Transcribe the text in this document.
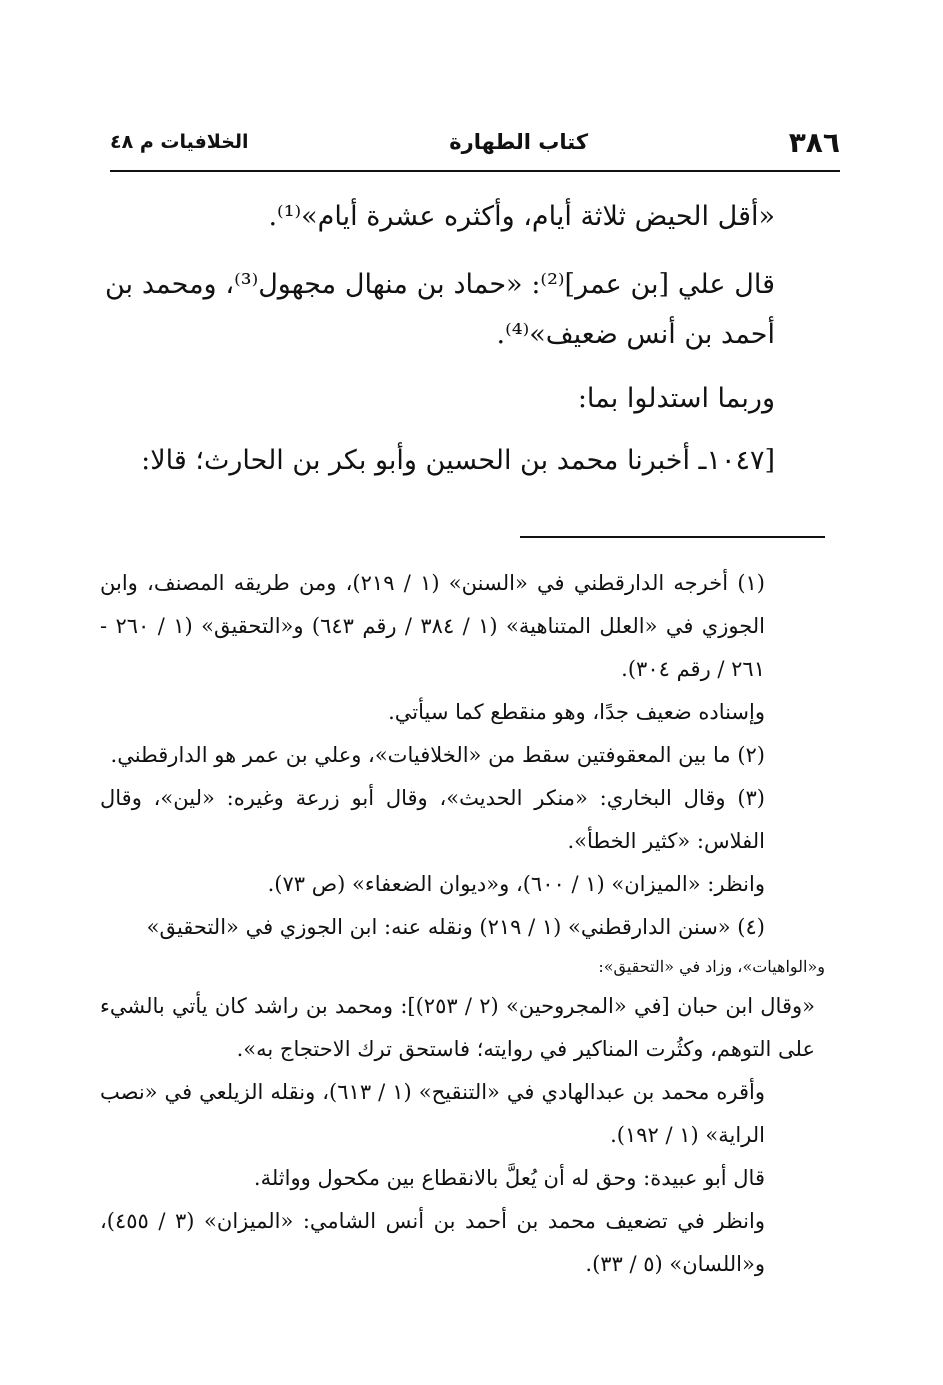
٣٨٦
كتاب الطهارة
الخلافيات م ٤٨

«أقل الحيض ثلاثة أيام، وأكثره عشرة أيام»⁽¹⁾.

قال علي [بن عمر]⁽²⁾: «حماد بن منهال مجهول⁽³⁾، ومحمد بن أحمد بن أنس ضعيف»⁽⁴⁾.

وربما استدلوا بما:

[١٠٤٧ـ أخبرنا محمد بن الحسين وأبو بكر بن الحارث؛ قالا:

(١) أخرجه الدارقطني في «السنن» (١ / ٢١٩)، ومن طريقه المصنف، وابن الجوزي في «العلل المتناهية» (١ / ٣٨٤ / رقم ٦٤٣) و«التحقيق» (١ / ٢٦٠ - ٢٦١ / رقم ٣٠٤).

وإسناده ضعيف جدًا، وهو منقطع كما سيأتي.

(٢) ما بين المعقوفتين سقط من «الخلافيات»، وعلي بن عمر هو الدارقطني.

(٣) وقال البخاري: «منكر الحديث»، وقال أبو زرعة وغيره: «لين»، وقال الفلاس: «كثير الخطأ».

وانظر: «الميزان» (١ / ٦٠٠)، و«ديوان الضعفاء» (ص ٧٣).

(٤) «سنن الدارقطني» (١ / ٢١٩) ونقله عنه: ابن الجوزي في «التحقيق»

و«الواهيات»، وزاد في «التحقيق»:

«وقال ابن حبان [في «المجروحين» (٢ / ٢٥٣)]: ومحمد بن راشد كان يأتي بالشيء على التوهم، وكثُرت المناكير في روايته؛ فاستحق ترك الاحتجاج به».

وأقره محمد بن عبدالهادي في «التنقيح» (١ / ٦١٣)، ونقله الزيلعي في «نصب الراية» (١ / ١٩٢).

قال أبو عبيدة: وحق له أن يُعلَّ بالانقطاع بين مكحول وواثلة.

وانظر في تضعيف محمد بن أحمد بن أنس الشامي: «الميزان» (٣ / ٤٥٥)، و«اللسان» (٥ / ٣٣).
